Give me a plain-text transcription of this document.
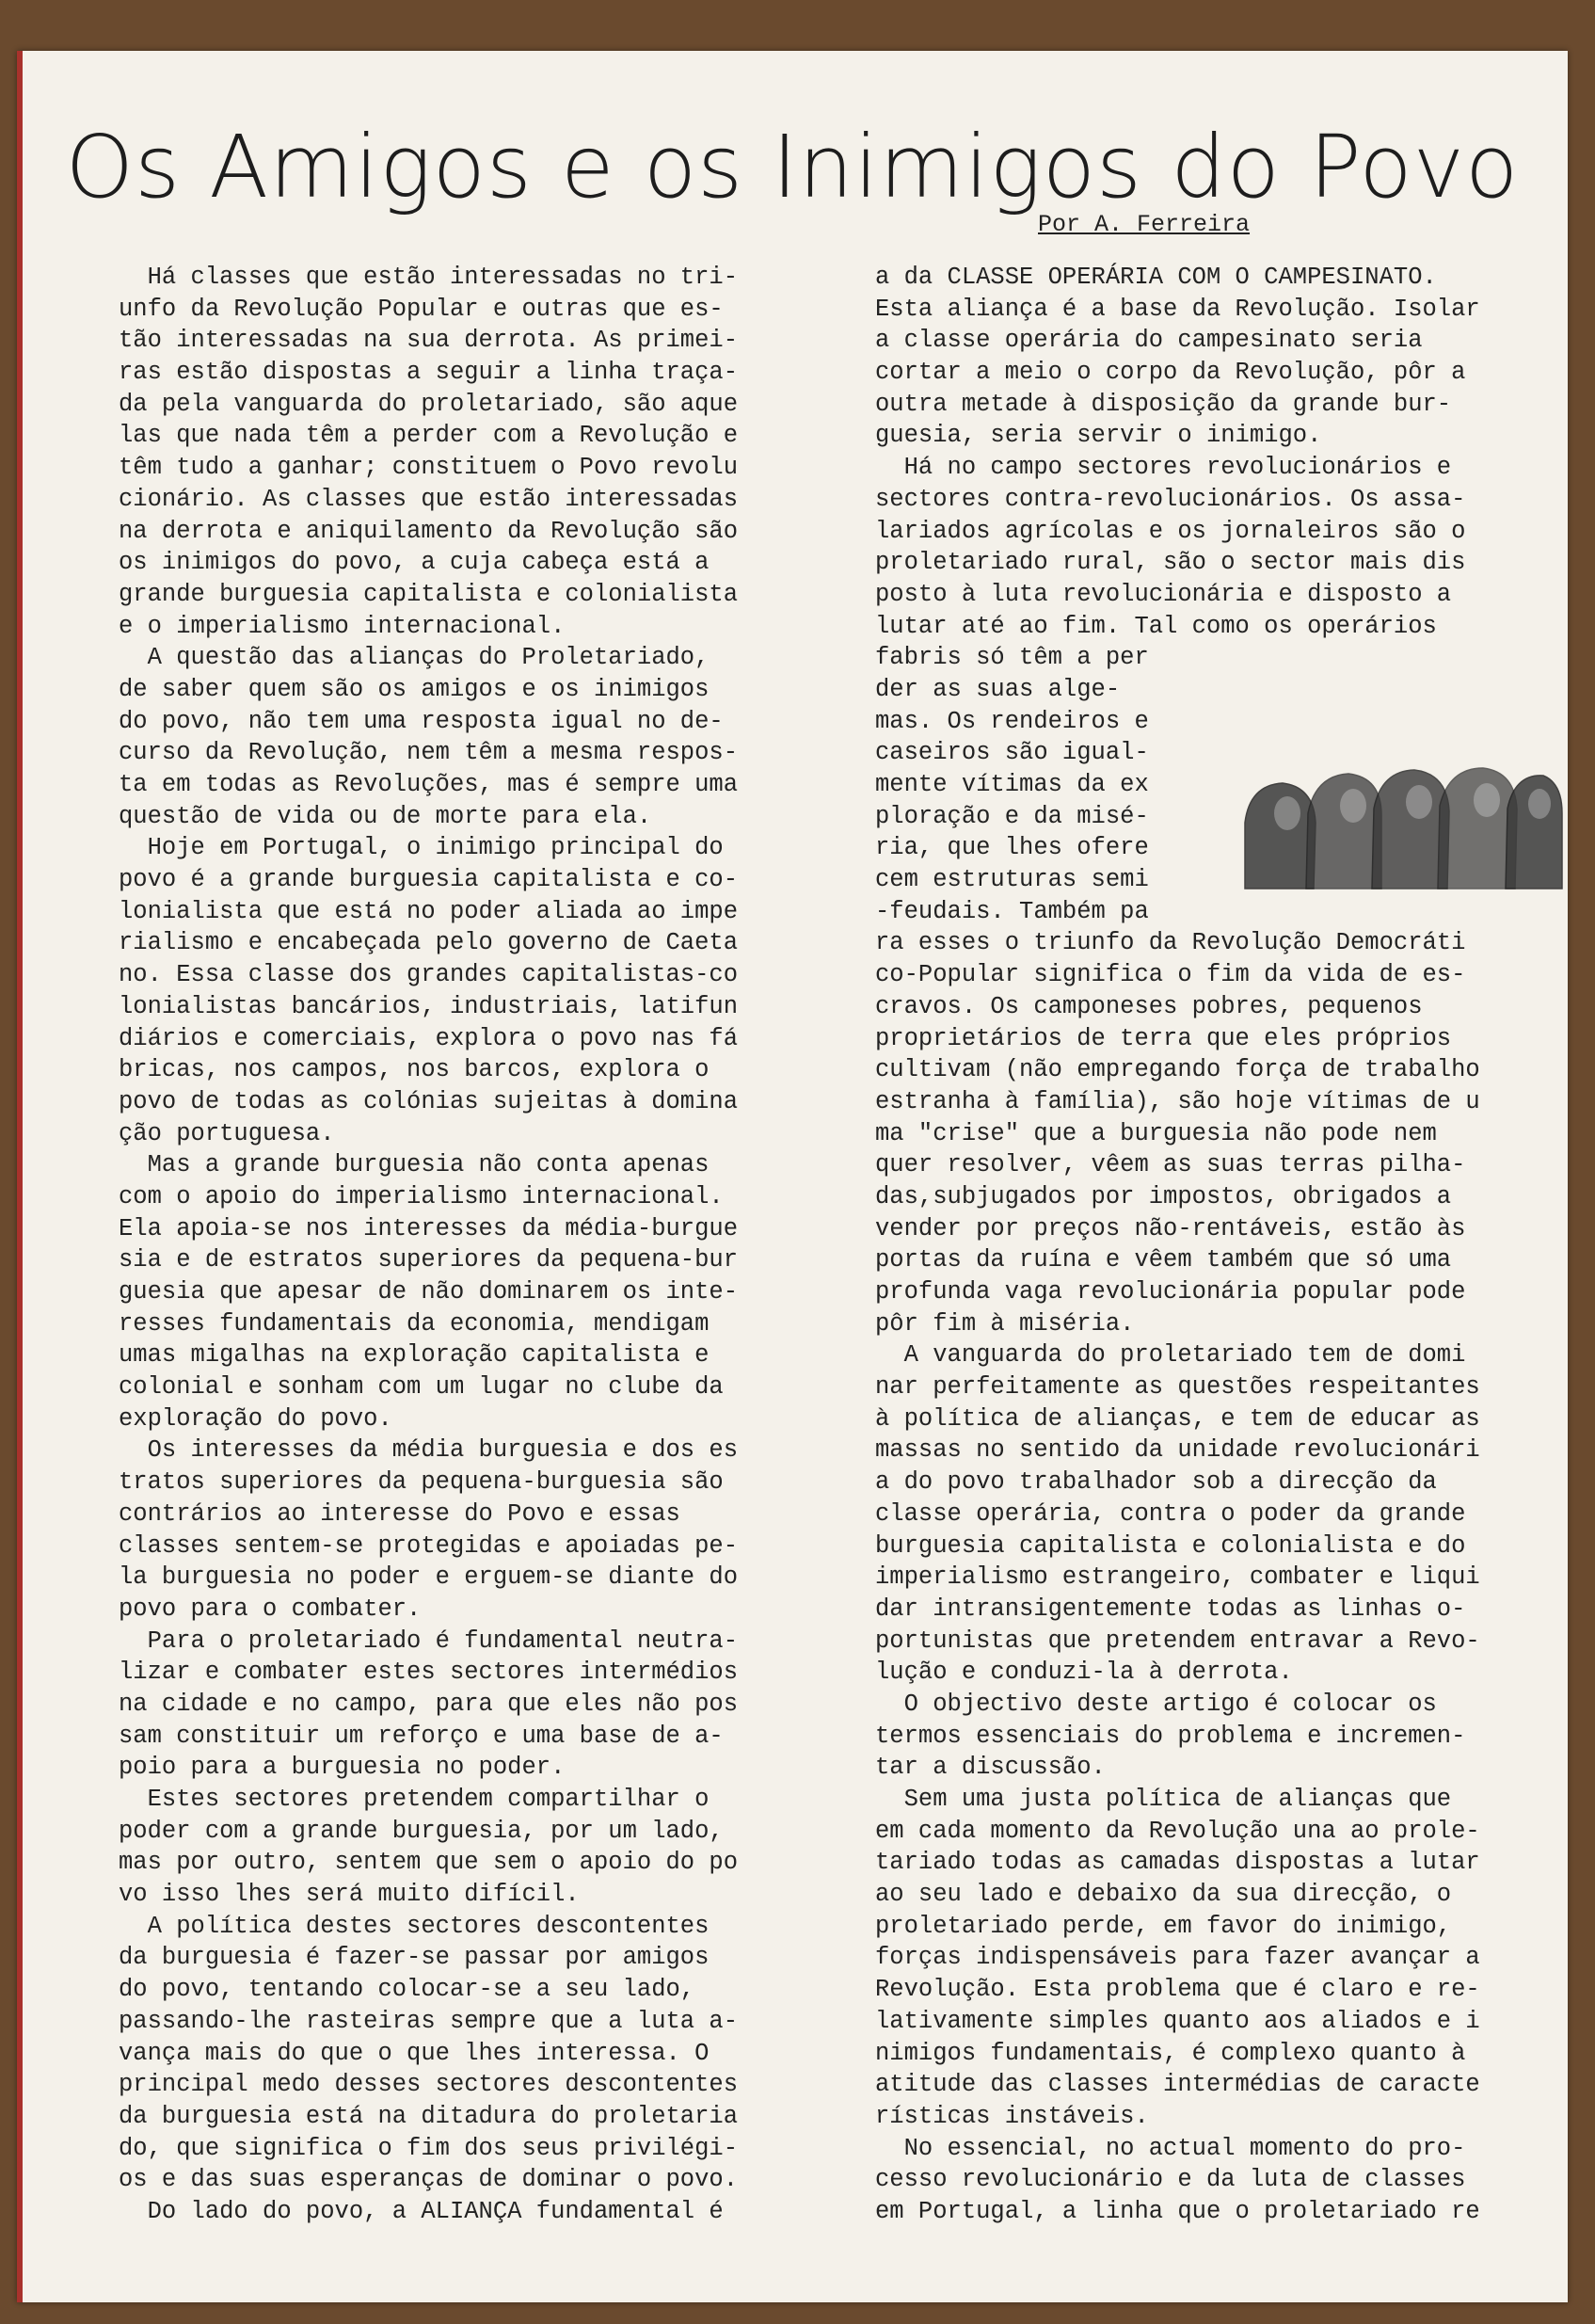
Os Amigos e os Inimigos do Povo
Por A. Ferreira
Há classes que estão interessadas no tri-
unfo da Revolução Popular e outras que es-
tão interessadas na sua derrota. As primei-
ras estão dispostas a seguir a linha traça-
da pela vanguarda do proletariado, são aque
las que nada têm a perder com a Revolução e
têm tudo a ganhar; constituem o Povo revolu
cionário. As classes que estão interessadas
na derrota e aniquilamento da Revolução são
os inimigos do povo, a cuja cabeça está a
grande burguesia capitalista e colonialista
e o imperialismo internacional.
A questão das alianças do Proletariado,
de saber quem são os amigos e os inimigos
do povo, não tem uma resposta igual no de-
curso da Revolução, nem têm a mesma respos-
ta em todas as Revoluções, mas é sempre uma
questão de vida ou de morte para ela.
Hoje em Portugal, o inimigo principal do
povo é a grande burguesia capitalista e co-
lonialista que está no poder aliada ao impe
rialismo e encabeçada pelo governo de Caeta
no. Essa classe dos grandes capitalistas-co
lonialistas bancários, industriais, latifun
diários e comerciais, explora o povo nas fá
bricas, nos campos, nos barcos, explora o
povo de todas as colónias sujeitas à domina
ção portuguesa.
Mas a grande burguesia não conta apenas
com o apoio do imperialismo internacional.
Ela apoia-se nos interesses da média-burgue
sia e de estratos superiores da pequena-bur
guesia que apesar de não dominarem os inte-
resses fundamentais da economia, mendigam
umas migalhas na exploração capitalista e
colonial e sonham com um lugar no clube da
exploração do povo.
Os interesses da média burguesia e dos es
tratos superiores da pequena-burguesia são
contrários ao interesse do Povo e essas
classes sentem-se protegidas e apoiadas pe-
la burguesia no poder e erguem-se diante do
povo para o combater.
Para o proletariado é fundamental neutra-
lizar e combater estes sectores intermédios
na cidade e no campo, para que eles não pos
sam constituir um reforço e uma base de a-
poio para a burguesia no poder.
Estes sectores pretendem compartilhar o
poder com a grande burguesia, por um lado,
mas por outro, sentem que sem o apoio do po
vo isso lhes será muito difícil.
A política destes sectores descontentes
da burguesia é fazer-se passar por amigos
do povo, tentando colocar-se a seu lado,
passando-lhe rasteiras sempre que a luta a-
vança mais do que o que lhes interessa. O
principal medo desses sectores descontentes
da burguesia está na ditadura do proletaria
do, que significa o fim dos seus privilégi-
os e das suas esperanças de dominar o povo.
Do lado do povo, a ALIANÇA fundamental é
a da CLASSE OPERÁRIA COM O CAMPESINATO.
Esta aliança é a base da Revolução. Isolar
a classe operária do campesinato seria
cortar a meio o corpo da Revolução, pôr a
outra metade à disposição da grande bur-
guesia, seria servir o inimigo.
Há no campo sectores revolucionários e
sectores contra-revolucionários. Os assa-
lariados agrícolas e os jornaleiros são o
proletariado rural, são o sector mais dis
posto à luta revolucionária e disposto a
lutar até ao fim. Tal como os operários
fabris só têm a per
der as suas alge-
mas. Os rendeiros e
caseiros são igual-
mente vítimas da ex
ploração e da misé-
ria, que lhes ofere
cem estruturas semi
-feudais. Também pa
ra esses o triunfo da Revolução Democráti
co-Popular significa o fim da vida de es-
cravos. Os camponeses pobres, pequenos
proprietários de terra que eles próprios
cultivam (não empregando força de trabalho
estranha à família), são hoje vítimas de u
ma "crise" que a burguesia não pode nem
quer resolver, vêem as suas terras pilha-
das,subjugados por impostos, obrigados a
vender por preços não-rentáveis, estão às
portas da ruína e vêem também que só uma
profunda vaga revolucionária popular pode
pôr fim à miséria.
A vanguarda do proletariado tem de domi
nar perfeitamente as questões respeitantes
à política de alianças, e tem de educar as
massas no sentido da unidade revolucionári
a do povo trabalhador sob a direcção da
classe operária, contra o poder da grande
burguesia capitalista e colonialista e do
imperialismo estrangeiro, combater e liqui
dar intransigentemente todas as linhas o-
portunistas que pretendem entravar a Revo-
lução e conduzi-la à derrota.
O objectivo deste artigo é colocar os
termos essenciais do problema e incremen-
tar a discussão.
Sem uma justa política de alianças que
em cada momento da Revolução una ao prole-
tariado todas as camadas dispostas a lutar
ao seu lado e debaixo da sua direcção, o
proletariado perde, em favor do inimigo,
forças indispensáveis para fazer avançar a
Revolução. Esta problema que é claro e re-
lativamente simples quanto aos aliados e i
nimigos fundamentais, é complexo quanto à
atitude das classes intermédias de caracte
rísticas instáveis.
No essencial, no actual momento do pro-
cesso revolucionário e da luta de classes
em Portugal, a linha que o proletariado re
